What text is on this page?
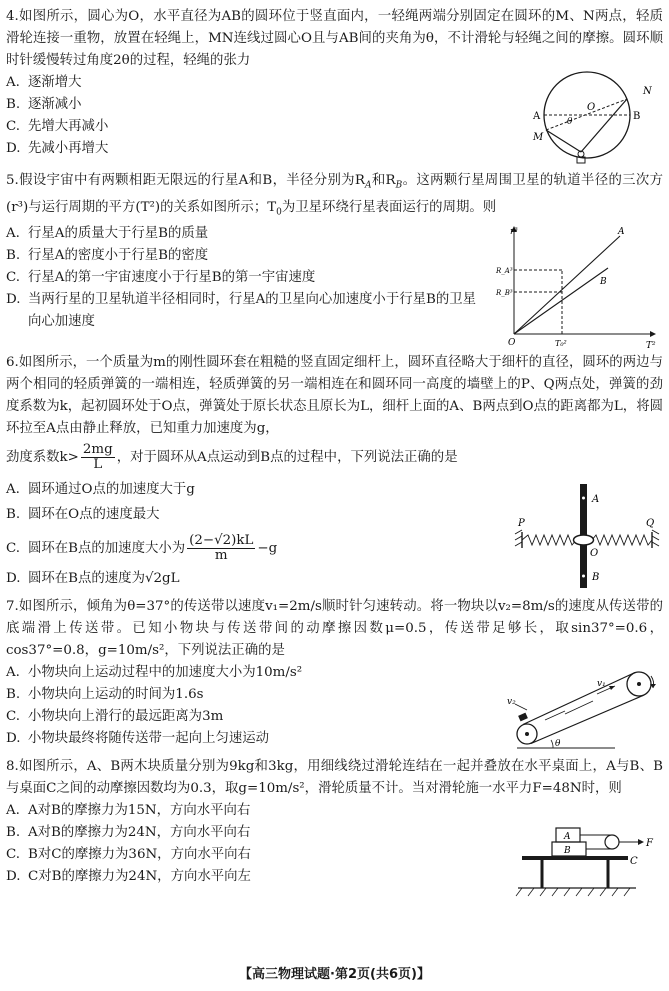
4.如图所示，圆心为O，水平直径为AB的圆环位于竖直面内，一轻绳两端分别固定在圆环的M、N两点，轻质滑轮连接一重物，放置在轻绳上，MN连线过圆心O且与AB间的夹角为θ，不计滑轮与轻绳之间的摩擦。圆环顺时针缓慢转过角度2θ的过程，轻绳的张力

A. 逐渐增大

B. 逐渐减小

C. 先增大再减小

D. 先减小再增大

A	B
O
θ
M
N

5.假设宇宙中有两颗相距无限远的行星A和B，半径分别为$R_A$和$R_B$。这两颗行星周围卫星的轨道半径的三次方(r³)与运行周期的平方(T²)的关系如图所示；$T_0$为卫星环绕行星表面运行的周期。则

A. 行星A的质量大于行星B的质量

B. 行星A的密度小于行星B的密度

C. 行星A的第一宇宙速度小于行星B的第一宇宙速度

D. 当两行星的卫星轨道半径相同时，行星A的卫星向心加速度小于行星B的卫星向心加速度

r³
T²
O	T₀²
R_A³
R_B³
A
B

6.如图所示，一个质量为m的刚性圆环套在粗糙的竖直固定细杆上，圆环直径略大于细杆的直径，圆环的两边与两个相同的轻质弹簧的一端相连，轻质弹簧的另一端相连在和圆环同一高度的墙壁上的P、Q两点处，弹簧的劲度系数为k，起初圆环处于O点，弹簧处于原长状态且原长为L，细杆上面的A、B两点到O点的距离都为L，将圆环拉至A点由静止释放，已知重力加速度为g，

劲度系数$k> \frac{2mg}{L}$ ，对于圆环从A点运动到B点的过程中，下列说法正确的是

A. 圆环通过O点的加速度大于g

B. 圆环在O点的速度最大

C. 圆环在B点的加速度大小为 $\frac{(2-√2)kL}{m} -g$

D. 圆环在B点的速度为√2gL

P	Q
A
O
B

7.如图所示，倾角为θ=37°的传送带以速度v₁=2m/s顺时针匀速转动。将一物块以v₂=8m/s的速度从传送带的底端滑上传送带。已知小物块与传送带间的动摩擦因数μ=0.5，传送带足够长，取sin37°=0.6，cos37°=0.8，g=10m/s²，下列说法正确的是

A. 小物块向上运动过程中的加速度大小为10m/s²

B. 小物块向上运动的时间为1.6s

C. 小物块向上滑行的最远距离为3m

D. 小物块最终将随传送带一起向上匀速运动

v₂
v₁
θ

8.如图所示，A、B两木块质量分别为9kg和3kg，用细线绕过滑轮连结在一起并叠放在水平桌面上，A与B、B与桌面C之间的动摩擦因数均为0.3，取g=10m/s²，滑轮质量不计。当对滑轮施一水平力F=48N时，则

A. A对B的摩擦力为15N，方向水平向右

B. A对B的摩擦力为24N，方向水平向右

C. B对C的摩擦力为36N，方向水平向右

D. C对B的摩擦力为24N，方向水平向左

A
B
F
C
【高三物理试题·第2页(共6页)】
